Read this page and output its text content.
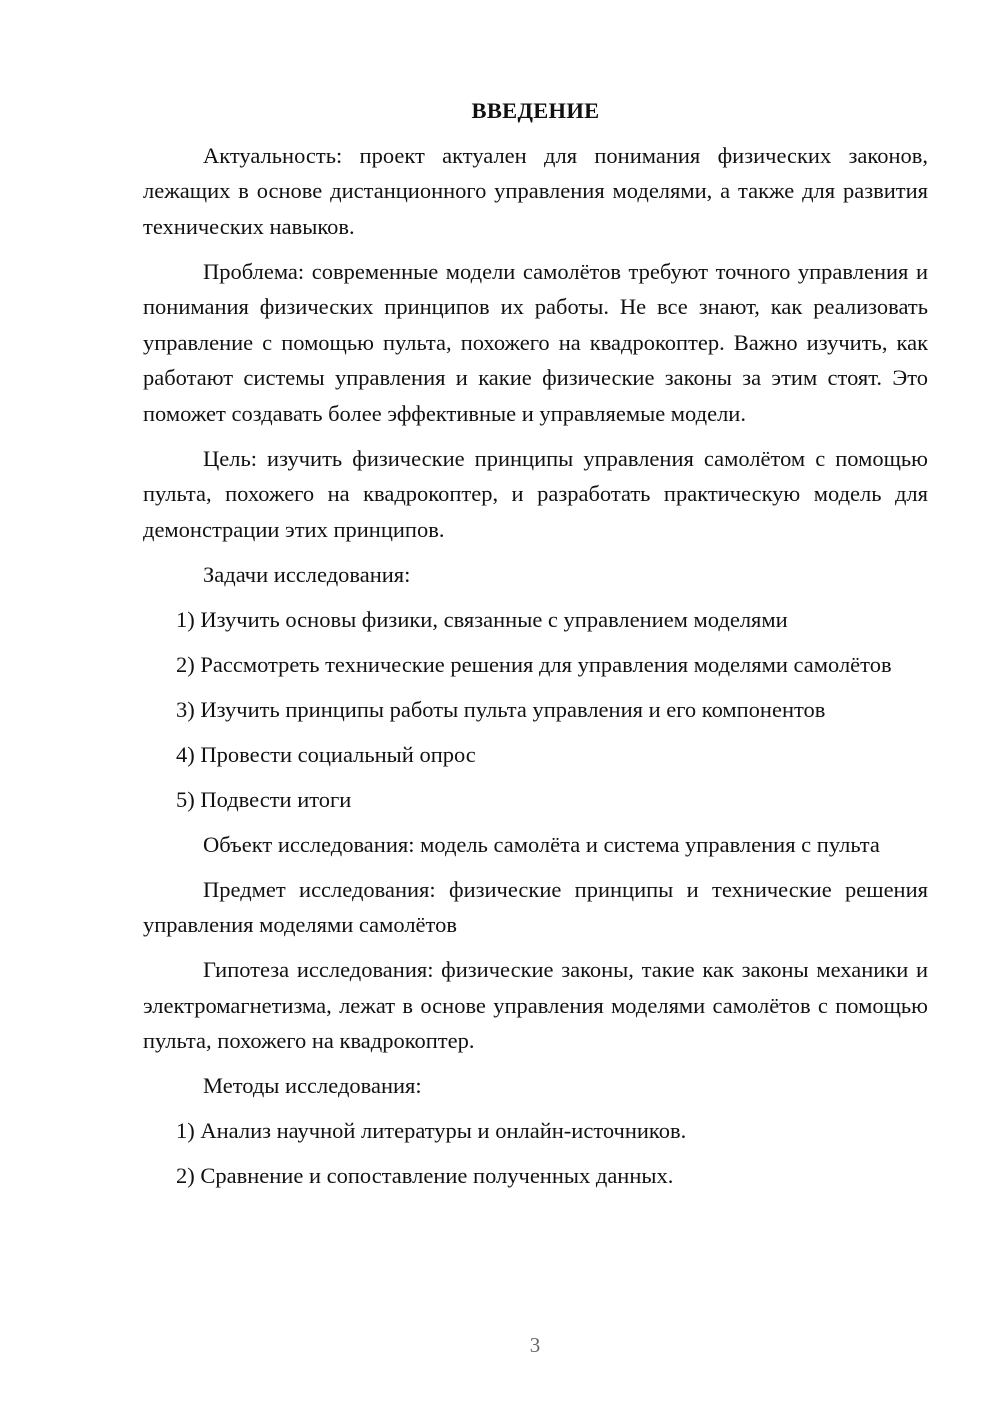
ВВЕДЕНИЕ

Актуальность: проект актуален для понимания физических законов, лежащих в основе дистанционного управления моделями, а также для развития технических навыков.

Проблема: современные модели самолётов требуют точного управления и понимания физических принципов их работы. Не все знают, как реализовать управление с помощью пульта, похожего на квадрокоптер. Важно изучить, как работают системы управления и какие физические законы за этим стоят. Это поможет создавать более эффективные и управляемые модели.

Цель: изучить физические принципы управления самолётом с помощью пульта, похожего на квадрокоптер, и разработать практическую модель для демонстрации этих принципов.

Задачи исследования:

1) Изучить основы физики, связанные с управлением моделями

2) Рассмотреть технические решения для управления моделями самолётов

3) Изучить принципы работы пульта управления и его компонентов

4) Провести социальный опрос

5) Подвести итоги

Объект исследования: модель самолёта и система управления с пульта

Предмет исследования: физические принципы и технические решения управления моделями самолётов

Гипотеза исследования: физические законы, такие как законы механики и электромагнетизма, лежат в основе управления моделями самолётов с помощью пульта, похожего на квадрокоптер.

Методы исследования:

1) Анализ научной литературы и онлайн-источников.

2) Сравнение и сопоставление полученных данных.

3
